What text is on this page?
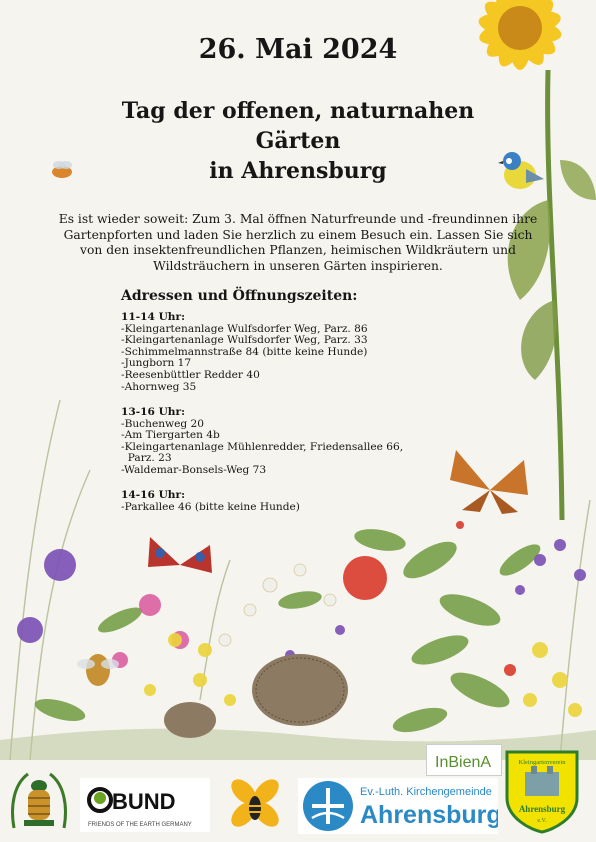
26. Mai 2024
Tag der offenen, naturnahen
Gärten
in Ahrensburg
Es ist wieder soweit: Zum 3. Mal öffnen Naturfreunde und -freundinnen ihre
Gartenpforten und laden Sie herzlich zu einem Besuch ein. Lassen Sie sich
von den insektenfreundlichen Pflanzen, heimischen Wildkräutern und
Wildsträuchern in unseren Gärten inspirieren.
Adressen und Öffnungszeiten:
11-14 Uhr:
-Kleingartenanlage Wulfsdorfer Weg, Parz. 86
-Kleingartenanlage Wulfsdorfer Weg, Parz. 33
-Schimmelmannstraße 84 (bitte keine Hunde)
-Jungborn 17
-Reesenbüttler Redder 40
-Ahornweg 35
13-16 Uhr:
-Buchenweg 20
-Am Tiergarten 4b
-Kleingartenanlage Mühlenredder, Friedensallee 66,
Parz. 23
-Waldemar-Bonsels-Weg 73
14-16 Uhr:
-Parkallee 46 (bitte keine Hunde)
BUND
FRIENDS OF THE EARTH GERMANY
Ev.-Luth. Kirchengemeinde
Ahrensburg
InBienA	Kleingartenverein
Ahrensburg
e.V.
